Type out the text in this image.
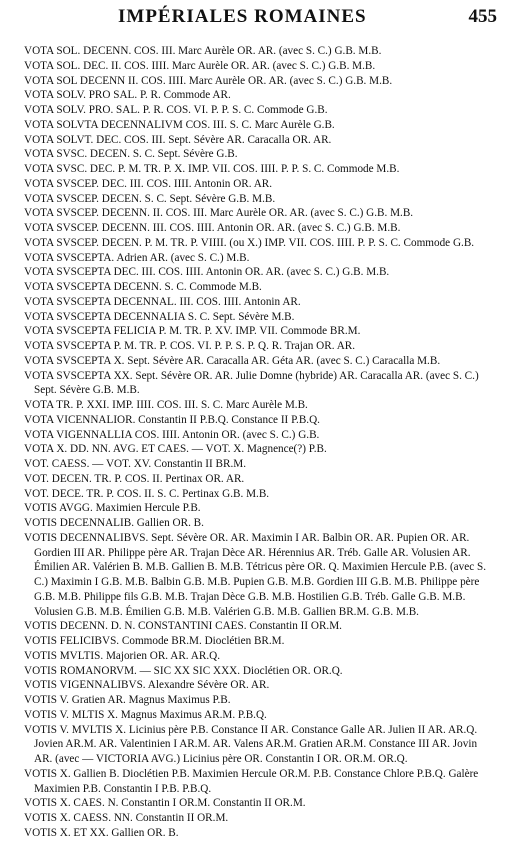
IMPÉRIALES ROMAINES	455
VOTA SOL. DECENN. COS. III. Marc Aurèle OR. AR. (avec S. C.) G.B. M.B.
VOTA SOL. DEC. II. COS. IIII. Marc Aurèle OR. AR. (avec S. C.) G.B. M.B.
VOTA SOL DECENN II. COS. IIII. Marc Aurèle OR. AR. (avec S. C.) G.B. M.B.
VOTA SOLV. PRO SAL. P. R. Commode AR.
VOTA SOLV. PRO. SAL. P. R. COS. VI. P. P. S. C. Commode G.B.
VOTA SOLVTA DECENNALIVM COS. III. S. C. Marc Aurèle G.B.
VOTA SOLVT. DEC. COS. III. Sept. Sévère AR. Caracalla OR. AR.
VOTA SVSC. DECEN. S. C. Sept. Sévère G.B.
VOTA SVSC. DEC. P. M. TR. P. X. IMP. VII. COS. IIII. P. P. S. C. Commode M.B.
VOTA SVSCEP. DEC. III. COS. IIII. Antonin OR. AR.
VOTA SVSCEP. DECEN. S. C. Sept. Sévère G.B. M.B.
VOTA SVSCEP. DECENN. II. COS. III. Marc Aurèle OR. AR. (avec S. C.) G.B. M.B.
VOTA SVSCEP. DECENN. III. COS. IIII. Antonin OR. AR. (avec S. C.) G.B. M.B.
VOTA SVSCEP. DECEN. P. M. TR. P. VIIII. (ou X.) IMP. VII. COS. IIII. P. P. S. C. Commode G.B.
VOTA SVSCEPTA. Adrien AR. (avec S. C.) M.B.
VOTA SVSCEPTA DEC. III. COS. IIII. Antonin OR. AR. (avec S. C.) G.B. M.B.
VOTA SVSCEPTA DECENN. S. C. Commode M.B.
VOTA SVSCEPTA DECENNAL. III. COS. IIII. Antonin AR.
VOTA SVSCEPTA DECENNALIA S. C. Sept. Sévère M.B.
VOTA SVSCEPTA FELICIA P. M. TR. P. XV. IMP. VII. Commode BR.M.
VOTA SVSCEPTA P. M. TR. P. COS. VI. P. P. S. P. Q. R. Trajan OR. AR.
VOTA SVSCEPTA X. Sept. Sévère AR. Caracalla AR. Géta AR. (avec S. C.) Caracalla M.B.
VOTA SVSCEPTA XX. Sept. Sévère OR. AR. Julie Domne (hybride) AR. Caracalla AR. (avec S. C.) Sept. Sévère G.B. M.B.
VOTA TR. P. XXI. IMP. IIII. COS. III. S. C. Marc Aurèle M.B.
VOTA VICENNALIOR. Constantin II P.B.Q. Constance II P.B.Q.
VOTA VIGENNALLIA COS. IIII. Antonin OR. (avec S. C.) G.B.
VOTA X. DD. NN. AVG. ET CAES. — VOT. X. Magnence(?) P.B.
VOT. CAESS. — VOT. XV. Constantin II BR.M.
VOT. DECEN. TR. P. COS. II. Pertinax OR. AR.
VOT. DECE. TR. P. COS. II. S. C. Pertinax G.B. M.B.
VOTIS AVGG. Maximien Hercule P.B.
VOTIS DECENNALIB. Gallien OR. B.
VOTIS DECENNALIBVS. Sept. Sévère OR. AR. Maximin I AR. Balbin OR. AR. Pupien OR. AR. Gordien III AR. Philippe père AR. Trajan Dèce AR. Hérennius AR. Tréb. Galle AR. Volusien AR. Émilien AR. Valérien B. M.B. Gallien B. M.B. Tétricus père OR. Q. Maximien Hercule P.B. (avec S. C.) Maximin I G.B. M.B. Balbin G.B. M.B. Pupien G.B. M.B. Gordien III G.B. M.B. Philippe père G.B. M.B. Philippe fils G.B. M.B. Trajan Dèce G.B. M.B. Hostilien G.B. Tréb. Galle G.B. M.B. Volusien G.B. M.B. Émilien G.B. M.B. Valérien G.B. M.B. Gallien BR.M. G.B. M.B.
VOTIS DECENN. D. N. CONSTANTINI CAES. Constantin II OR.M.
VOTIS FELICIBVS. Commode BR.M. Dioclétien BR.M.
VOTIS MVLTIS. Majorien OR. AR. AR.Q.
VOTIS ROMANORVM. — SIC XX SIC XXX. Dioclétien OR. OR.Q.
VOTIS VIGENNALIBVS. Alexandre Sévère OR. AR.
VOTIS V. Gratien AR. Magnus Maximus P.B.
VOTIS V. MLTIS X. Magnus Maximus AR.M. P.B.Q.
VOTIS V. MVLTIS X. Licinius père P.B. Constance II AR. Constance Galle AR. Julien II AR. AR.Q. Jovien AR.M. AR. Valentinien I AR.M. AR. Valens AR.M. Gratien AR.M. Constance III AR. Jovin AR. (avec — VICTORIA AVG.) Licinius père OR. Constantin I OR. OR.M. OR.Q.
VOTIS X. Gallien B. Dioclétien P.B. Maximien Hercule OR.M. P.B. Constance Chlore P.B.Q. Galère Maximien P.B. Constantin I P.B. P.B.Q.
VOTIS X. CAES. N. Constantin I OR.M. Constantin II OR.M.
VOTIS X. CAESS. NN. Constantin II OR.M.
VOTIS X. ET XX. Gallien OR. B.
